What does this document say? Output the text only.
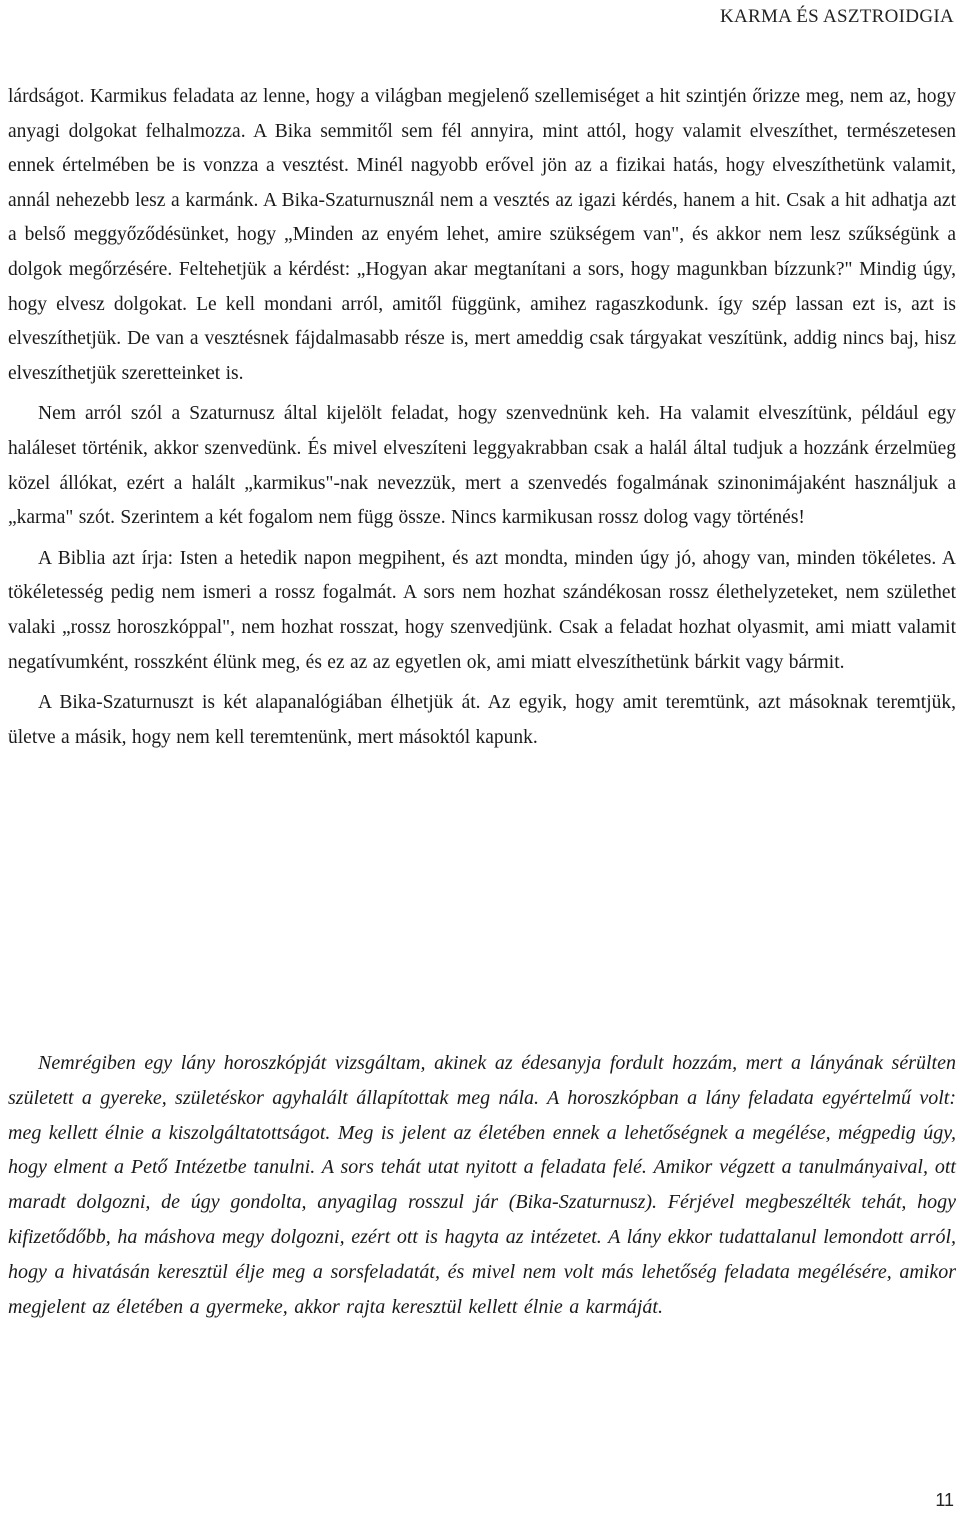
KARMA ÉS ASZTROIDGIA

lárdságot. Karmikus feladata az lenne, hogy a világban megjelenő szellemiséget a hit szintjén őrizze meg, nem az, hogy anyagi dolgokat felhalmozza. A Bika semmitől sem fél annyira, mint attól, hogy valamit elveszíthet, természetesen ennek értelmében be is vonzza a vesztést. Minél nagyobb erővel jön az a fizikai hatás, hogy elveszíthetünk valamit, annál nehezebb lesz a karmánk. A Bika-Szaturnusznál nem a vesztés az igazi kérdés, hanem a hit. Csak a hit adhatja azt a belső meggyőződésünket, hogy „Minden az enyém lehet, amire szükségem van", és akkor nem lesz szűkségünk a dolgok megőrzésére. Feltehetjük a kérdést: „Hogyan akar megtanítani a sors, hogy magunkban bízzunk?" Mindig úgy, hogy elvesz dolgokat. Le kell mondani arról, amitől függünk, amihez ragaszkodunk. így szép lassan ezt is, azt is elveszíthetjük. De van a vesztésnek fájdalmasabb része is, mert ameddig csak tárgyakat veszítünk, addig nincs baj, hisz elveszíthetjük szeretteinket is.

Nem arról szól a Szaturnusz által kijelölt feladat, hogy szenvednünk keh. Ha valamit elveszítünk, például egy haláleset történik, akkor szenvedünk. És mivel elveszíteni leggyakrabban csak a halál által tudjuk a hozzánk érzelmüeg közel állókat, ezért a halált „karmikus"-nak nevezzük, mert a szenvedés fogalmának szinonimájaként használjuk a „karma" szót. Szerintem a két fogalom nem függ össze. Nincs karmikusan rossz dolog vagy történés!

A Biblia azt írja: Isten a hetedik napon megpihent, és azt mondta, minden úgy jó, ahogy van, minden tökéletes. A tökéletesség pedig nem ismeri a rossz fogalmát. A sors nem hozhat szándékosan rossz élethelyzeteket, nem születhet valaki „rossz horoszkóppal", nem hozhat rosszat, hogy szenvedjünk. Csak a feladat hozhat olyasmit, ami miatt valamit negatívumként, rosszként élünk meg, és ez az az egyetlen ok, ami miatt elveszíthetünk bárkit vagy bármit.

A Bika-Szaturnuszt is két alapanalógiában élhetjük át. Az egyik, hogy amit teremtünk, azt másoknak teremtjük, ületve a másik, hogy nem kell teremtenünk, mert másoktól kapunk.

Nemrégiben egy lány horoszkópját vizsgáltam, akinek az édesanyja fordult hozzám, mert a lányának sérülten született a gyereke, születéskor agyhalált állapítottak meg nála. A horoszkópban a lány feladata egyértelmű volt: meg kellett élnie a kiszolgáltatottságot. Meg is jelent az életében ennek a lehetőségnek a megélése, mégpedig úgy, hogy elment a Pető Intézetbe tanulni. A sors tehát utat nyitott a feladata felé. Amikor végzett a tanulmányaival, ott maradt dolgozni, de úgy gondolta, anyagilag rosszul jár (Bika-Szaturnusz). Férjével megbeszélték tehát, hogy kifizetődőbb, ha máshova megy dolgozni, ezért ott is hagyta az intézetet. A lány ekkor tudattalanul lemondott arról, hogy a hivatásán keresztül élje meg a sorsfeladatát, és mivel nem volt más lehetőség feladata megélésére, amikor megjelent az életében a gyermeke, akkor rajta keresztül kellett élnie a karmáját.

11
